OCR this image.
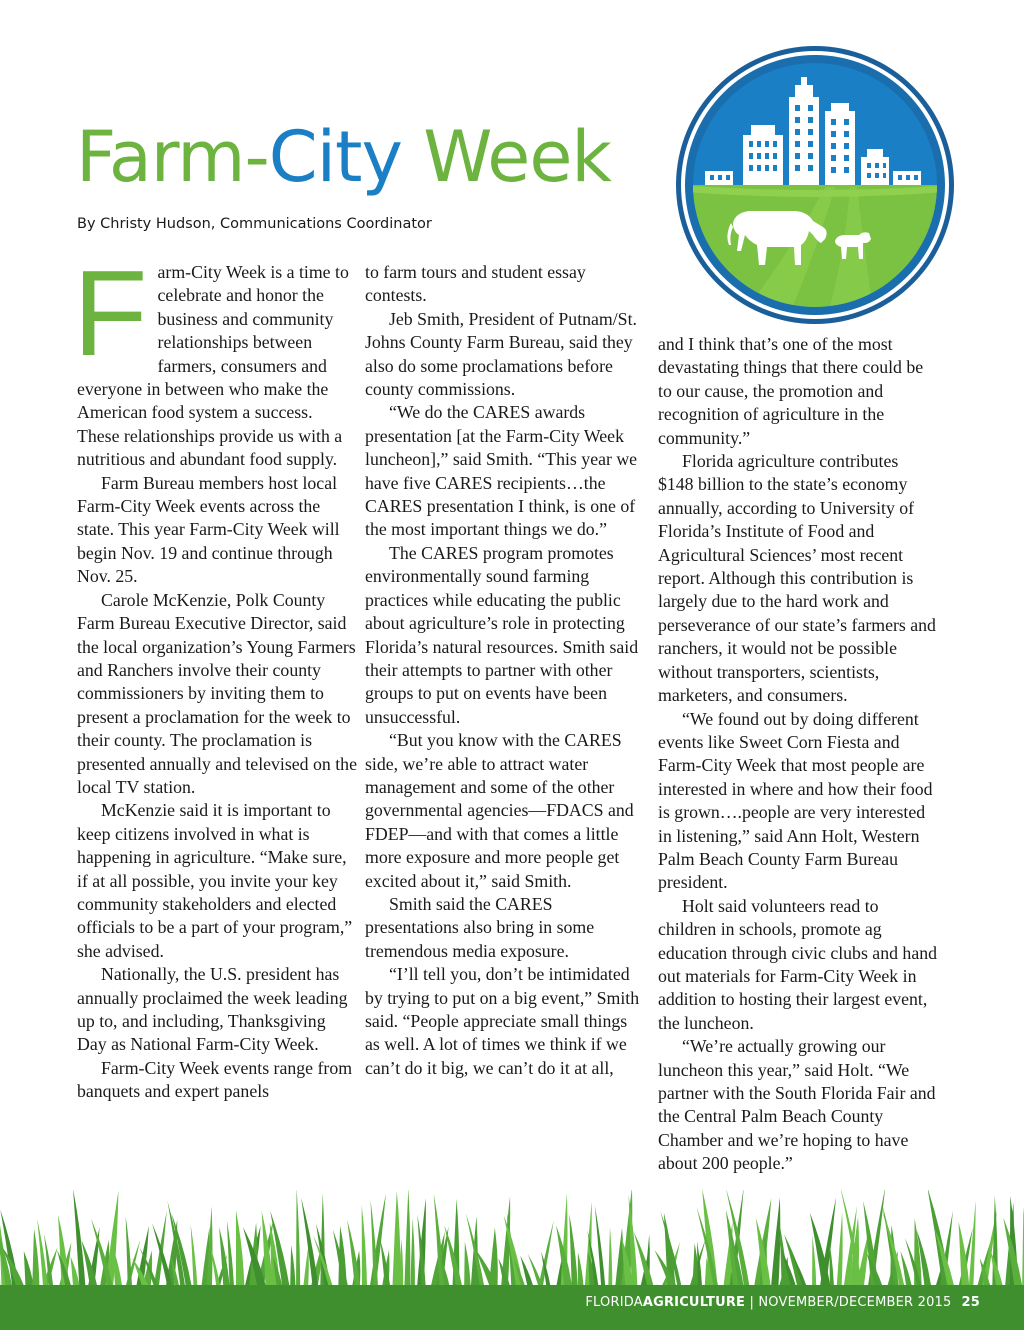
Farm-City Week
By Christy Hudson, Communications Coordinator
F arm-City Week is a time to celebrate and honor the business and community relationships between farmers, consumers and everyone in between who make the American food system a success. These relationships provide us with a nutritious and abundant food supply.

Farm Bureau members host local Farm-City Week events across the state. This year Farm-City Week will begin Nov. 19 and continue through Nov. 25.

Carole McKenzie, Polk County Farm Bureau Executive Director, said the local organization’s Young Farmers and Ranchers involve their county commissioners by inviting them to present a proclamation for the week to their county. The proclamation is presented annually and televised on the local TV station.

McKenzie said it is important to keep citizens involved in what is happening in agriculture. “Make sure, if at all possible, you invite your key community stakeholders and elected officials to be a part of your program,” she advised.

Nationally, the U.S. president has annually proclaimed the week leading up to, and including, Thanksgiving Day as National Farm-City Week.

Farm-City Week events range from banquets and expert panels

to farm tours and student essay contests.

Jeb Smith, President of Putnam/St. Johns County Farm Bureau, said they also do some proclamations before county commissions.

“We do the CARES awards presentation [at the Farm-City Week luncheon],” said Smith. “This year we have five CARES recipients…the CARES presentation I think, is one of the most important things we do.”

The CARES program promotes environmentally sound farming practices while educating the public about agriculture’s role in protecting Florida’s natural resources. Smith said their attempts to partner with other groups to put on events have been unsuccessful.

“But you know with the CARES side, we’re able to attract water management and some of the other governmental agencies—FDACS and FDEP—and with that comes a little more exposure and more people get excited about it,” said Smith.

Smith said the CARES presentations also bring in some tremendous media exposure.

“I’ll tell you, don’t be intimidated by trying to put on a big event,” Smith said. “People appreciate small things as well. A lot of times we think if we can’t do it big, we can’t do it at all,

and I think that’s one of the most devastating things that there could be to our cause, the promotion and recognition of agriculture in the community.”

Florida agriculture contributes $148 billion to the state’s economy annually, according to University of Florida’s Institute of Food and Agricultural Sciences’ most recent report. Although this contribution is largely due to the hard work and perseverance of our state’s farmers and ranchers, it would not be possible without transporters, scientists, marketers, and consumers.

“We found out by doing different events like Sweet Corn Fiesta and Farm-City Week that most people are interested in where and how their food is grown….people are very interested in listening,” said Ann Holt, Western Palm Beach County Farm Bureau president.

Holt said volunteers read to children in schools, promote ag education through civic clubs and hand out materials for Farm-City Week in addition to hosting their largest event, the luncheon.

“We’re actually growing our luncheon this year,” said Holt. “We partner with the South Florida Fair and the Central Palm Beach County Chamber and we’re hoping to have about 200 people.”

FLORIDAAGRICULTURE | NOVEMBER/DECEMBER 2015 25
